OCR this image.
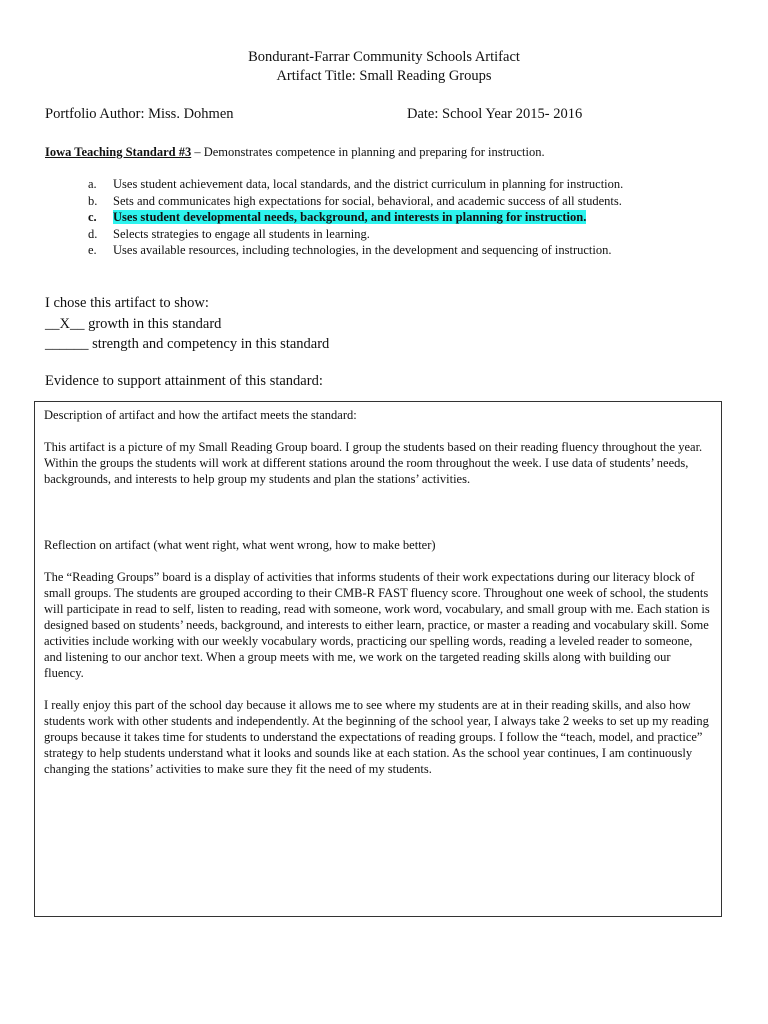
Bondurant-Farrar Community Schools Artifact
Artifact Title: Small Reading Groups
Portfolio Author: Miss. Dohmen	Date: School Year 2015- 2016
Iowa Teaching Standard #3 – Demonstrates competence in planning and preparing for instruction.
a. Uses student achievement data, local standards, and the district curriculum in planning for instruction.
b. Sets and communicates high expectations for social, behavioral, and academic success of all students.
c. Uses student developmental needs, background, and interests in planning for instruction.
d. Selects strategies to engage all students in learning.
e. Uses available resources, including technologies, in the development and sequencing of instruction.
I chose this artifact to show:
__X__ growth in this standard
______ strength and competency in this standard
Evidence to support attainment of this standard:

Description of artifact and how the artifact meets the standard:

This artifact is a picture of my Small Reading Group board. I group the students based on their reading fluency throughout the year. Within the groups the students will work at different stations around the room throughout the week. I use data of students’ needs, backgrounds, and interests to help group my students and plan the stations’ activities.

Reflection on artifact (what went right, what went wrong, how to make better)

The “Reading Groups” board is a display of activities that informs students of their work expectations during our literacy block of small groups. The students are grouped according to their CMB-R FAST fluency score. Throughout one week of school, the students will participate in read to self, listen to reading, read with someone, work word, vocabulary, and small group with me. Each station is designed based on students’ needs, background, and interests to either learn, practice, or master a reading and vocabulary skill. Some activities include working with our weekly vocabulary words, practicing our spelling words, reading a leveled reader to someone, and listening to our anchor text. When a group meets with me, we work on the targeted reading skills along with building our fluency.

I really enjoy this part of the school day because it allows me to see where my students are at in their reading skills, and also how students work with other students and independently. At the beginning of the school year, I always take 2 weeks to set up my reading groups because it takes time for students to understand the expectations of reading groups. I follow the “teach, model, and practice” strategy to help students understand what it looks and sounds like at each station. As the school year continues, I am continuously changing the stations’ activities to make sure they fit the need of my students.
